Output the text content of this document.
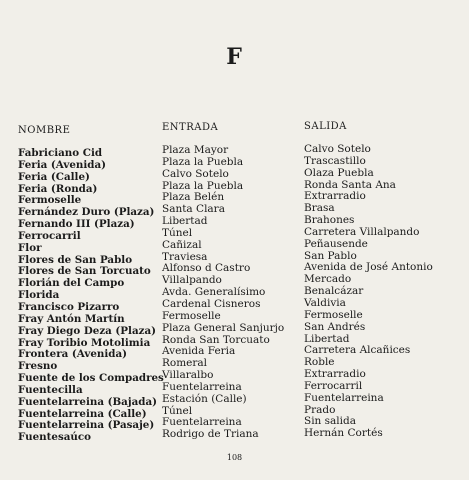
F
NOMBRE
Fabriciano Cid
Feria (Avenida)
Feria (Calle)
Feria (Ronda)
Fermoselle
Fernández Duro (Plaza)
Fernando III (Plaza)
Ferrocarril
Flor
Flores de San Pablo
Flores de San Torcuato
Florián del Campo
Florida
Francisco Pizarro
Fray Antón Martín
Fray Diego Deza (Plaza)
Fray Toribio Motolimia
Frontera (Avenida)
Fresno
Fuente de los Compadres
Fuentecilla
Fuentelarreina (Bajada)
Fuentelarreina (Calle)
Fuentelarreina (Pasaje)
Fuentesaúco
ENTRADA
Plaza Mayor
Plaza la Puebla
Calvo Sotelo
Plaza la Puebla
Plaza Belén
Santa Clara
Libertad
Túnel
Cañizal
Traviesa
Alfonso d Castro
Villalpando
Avda. Generalísimo
Cardenal Cisneros
Fermoselle
Plaza General Sanjurjo
Ronda San Torcuato
Avenida Feria
Romeral
Villaralbo
Fuentelarreina
Estación (Calle)
Túnel
Fuentelarreina
Rodrigo de Triana
SALIDA
Calvo Sotelo
Trascastillo
Olaza Puebla
Ronda Santa Ana
Extrarradio
Brasa
Brahones
Carretera Villalpando
Peñausende
San Pablo
Avenida de José Antonio
Mercado
Benalcázar
Valdivia
Fermoselle
San Andrés
Libertad
Carretera Alcañices
Roble
Extrarradio
Ferrocarril
Fuentelarreina
Prado
Sin salida
Hernán Cortés
108
